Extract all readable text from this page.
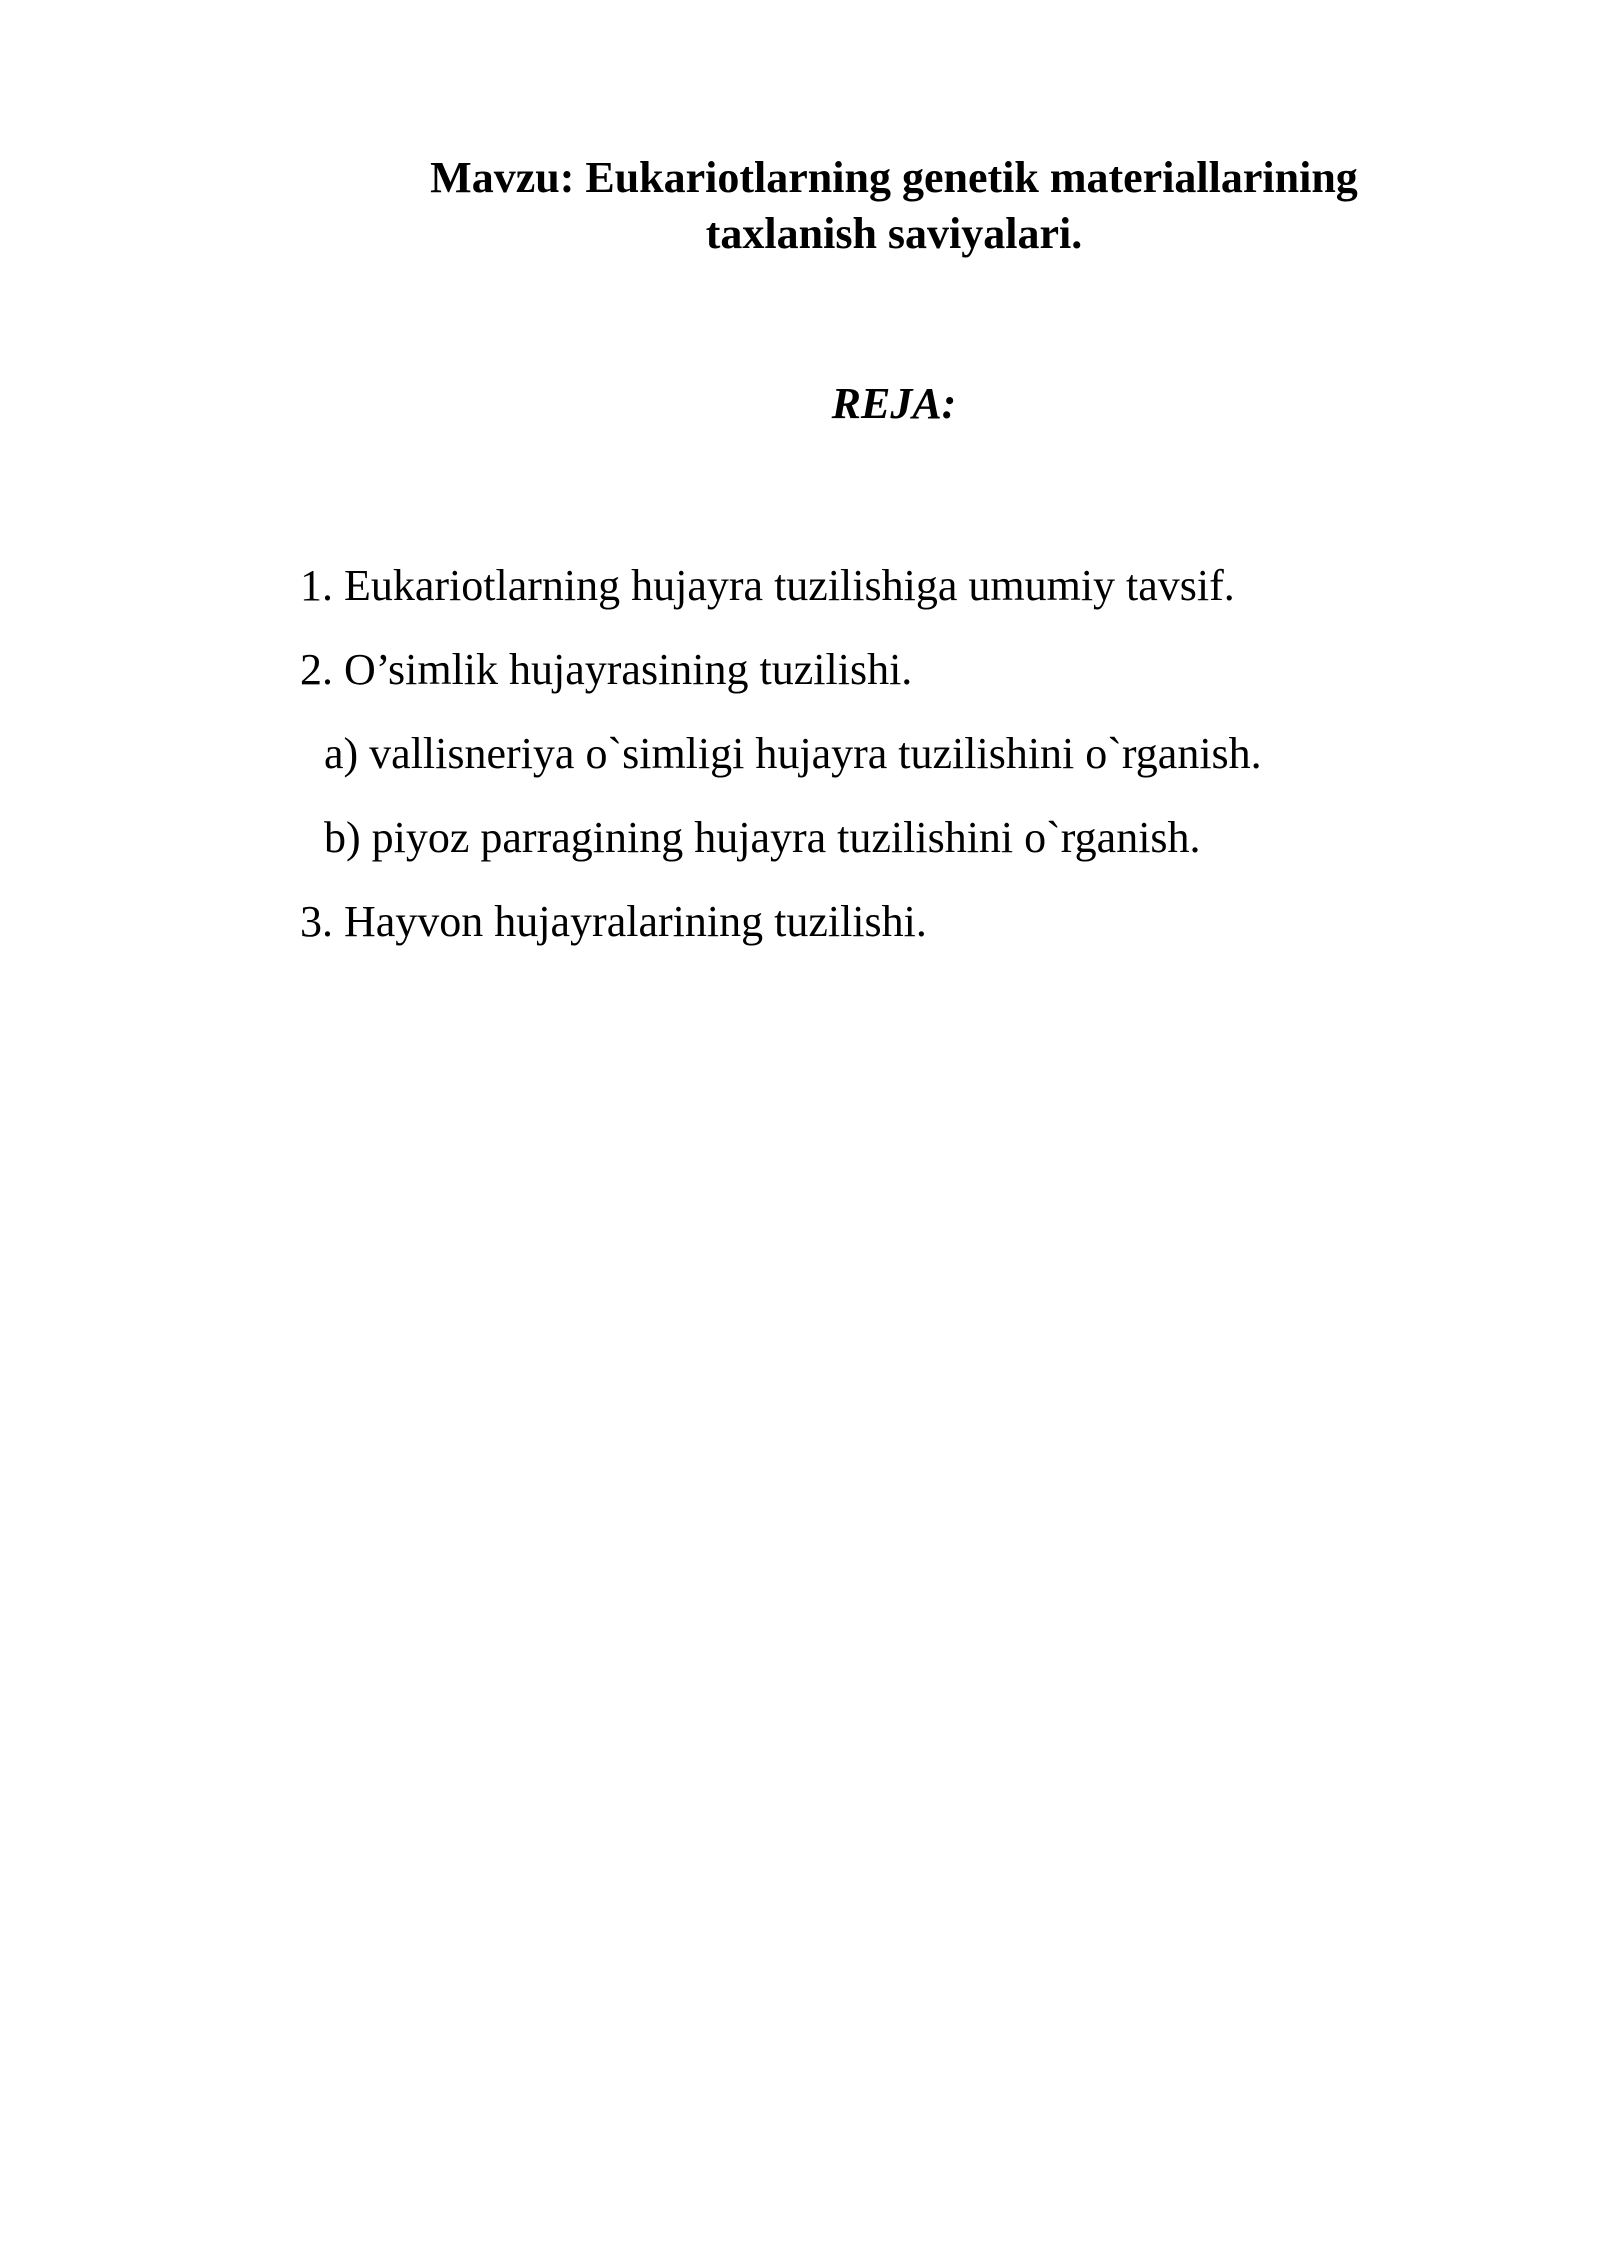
Mavzu: Eukariotlarning genetik materiallarining
taxlanish saviyalari.
REJA:
1. Eukariotlarning hujayra tuzilishiga umumiy tavsif.
2. O’simlik hujayrasining tuzilishi.
a) vallisneriya o`simligi hujayra tuzilishini o`rganish.
b) piyoz parragining hujayra tuzilishini o`rganish.
3. Hayvon hujayralarining tuzilishi.
